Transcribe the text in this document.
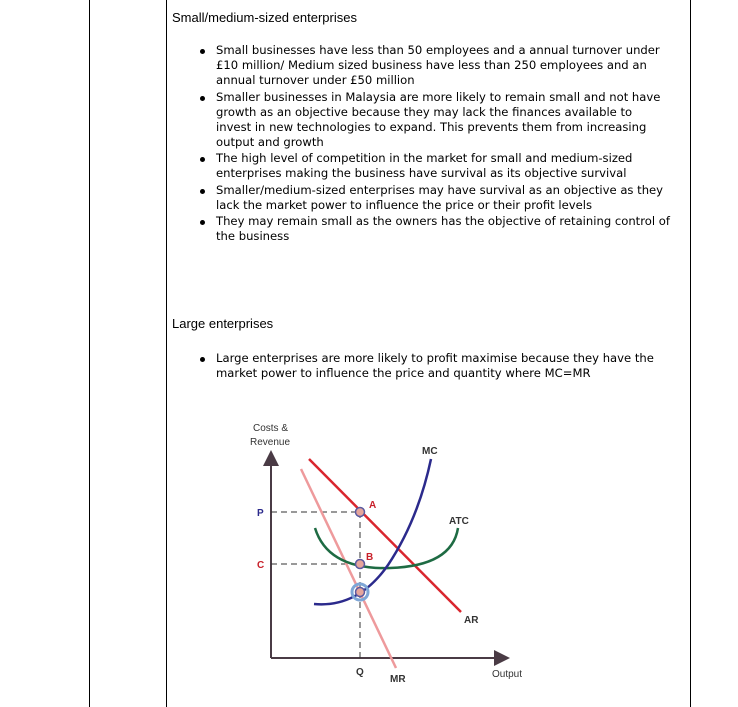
Small/medium-sized enterprises
Small businesses have less than 50 employees and a annual turnover under £10 million/ Medium sized business have less than 250 employees and an annual turnover under £50 million
Smaller businesses in Malaysia are more likely to remain small and not have growth as an objective because they may lack the finances available to invest in new technologies to expand. This prevents them from increasing output and growth
The high level of competition in the market for small and medium-sized enterprises making the business have survival as its objective survival
Smaller/medium-sized enterprises may have survival as an objective as they lack the market power to influence the price or their profit levels
They may remain small as the owners has the objective of retaining control of the business
Large enterprises
Large enterprises are more likely to profit maximise because they have the market power to influence the price and quantity where MC=MR
Costs &
Revenue
Output
A
B
P
C
Q
MC
ATC
AR
MR
